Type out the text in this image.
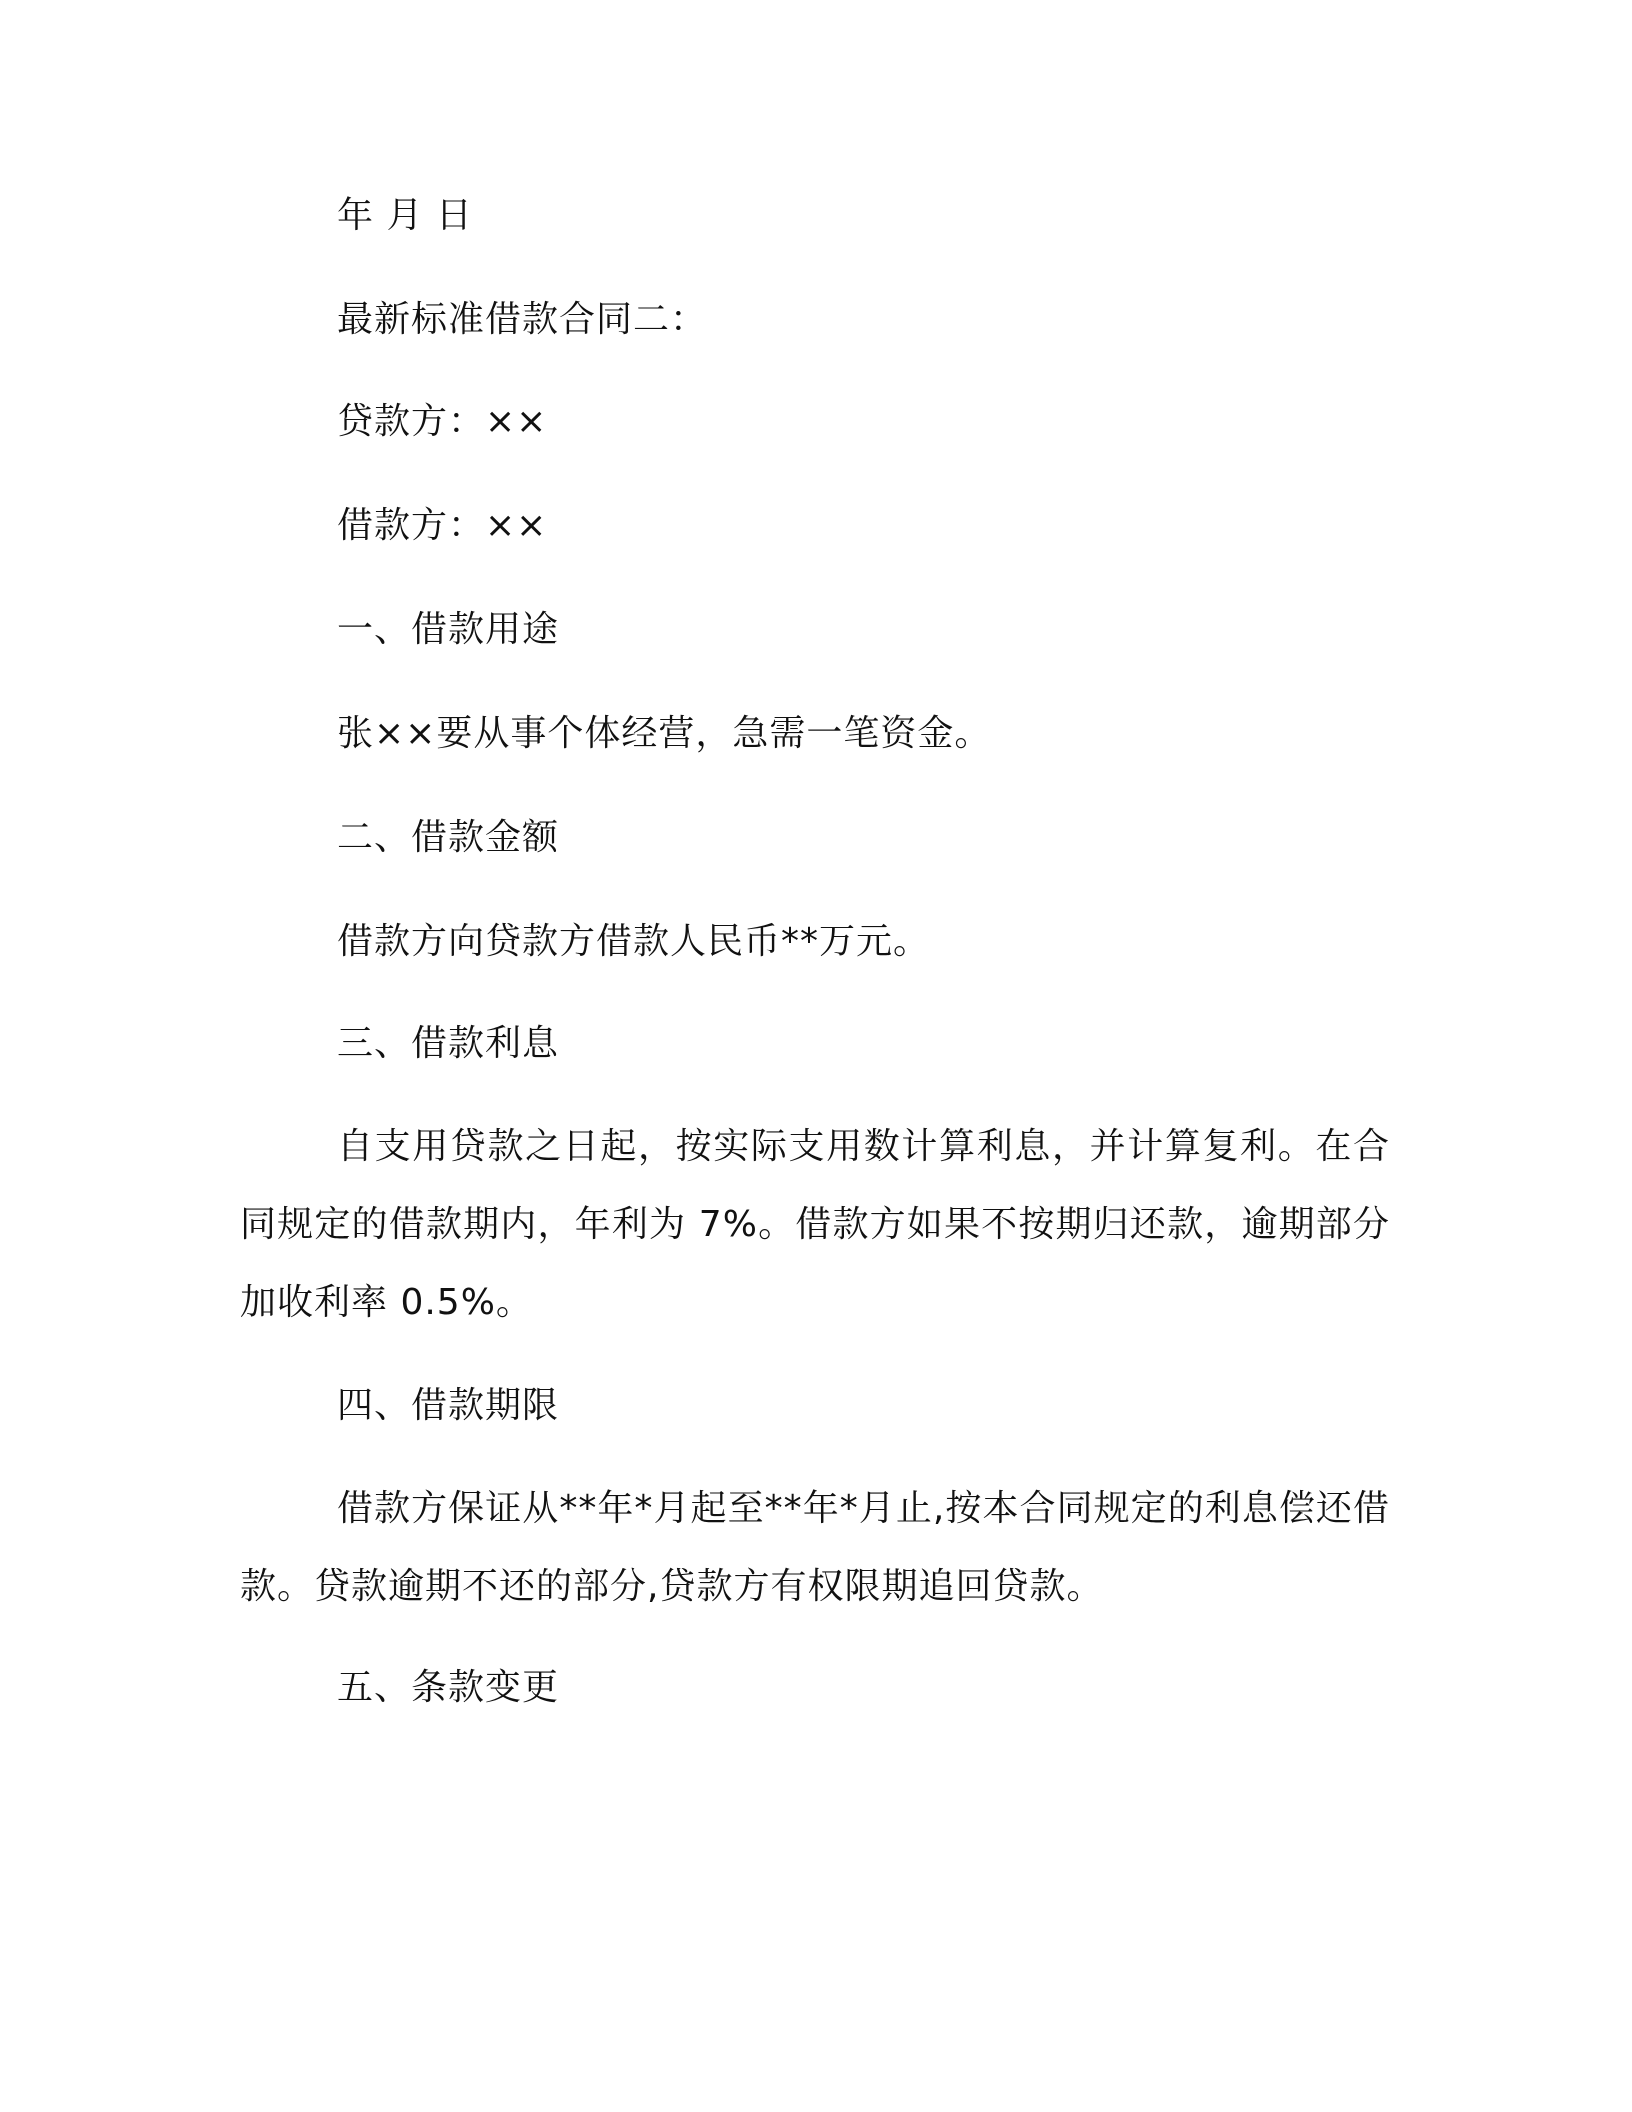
年 月 日

最新标准借款合同二：

贷款方：××

借款方：××

一、借款用途

张××要从事个体经营，急需一笔资金。

二、借款金额

借款方向贷款方借款人民币**万元。

三、借款利息

自支用贷款之日起，按实际支用数计算利息，并计算复利。在合同规定的借款期内，年利为 7%。借款方如果不按期归还款，逾期部分加收利率 0.5%。

四、借款期限

借款方保证从**年*月起至**年*月止,按本合同规定的利息偿还借款。贷款逾期不还的部分,贷款方有权限期追回贷款。

五、条款变更
